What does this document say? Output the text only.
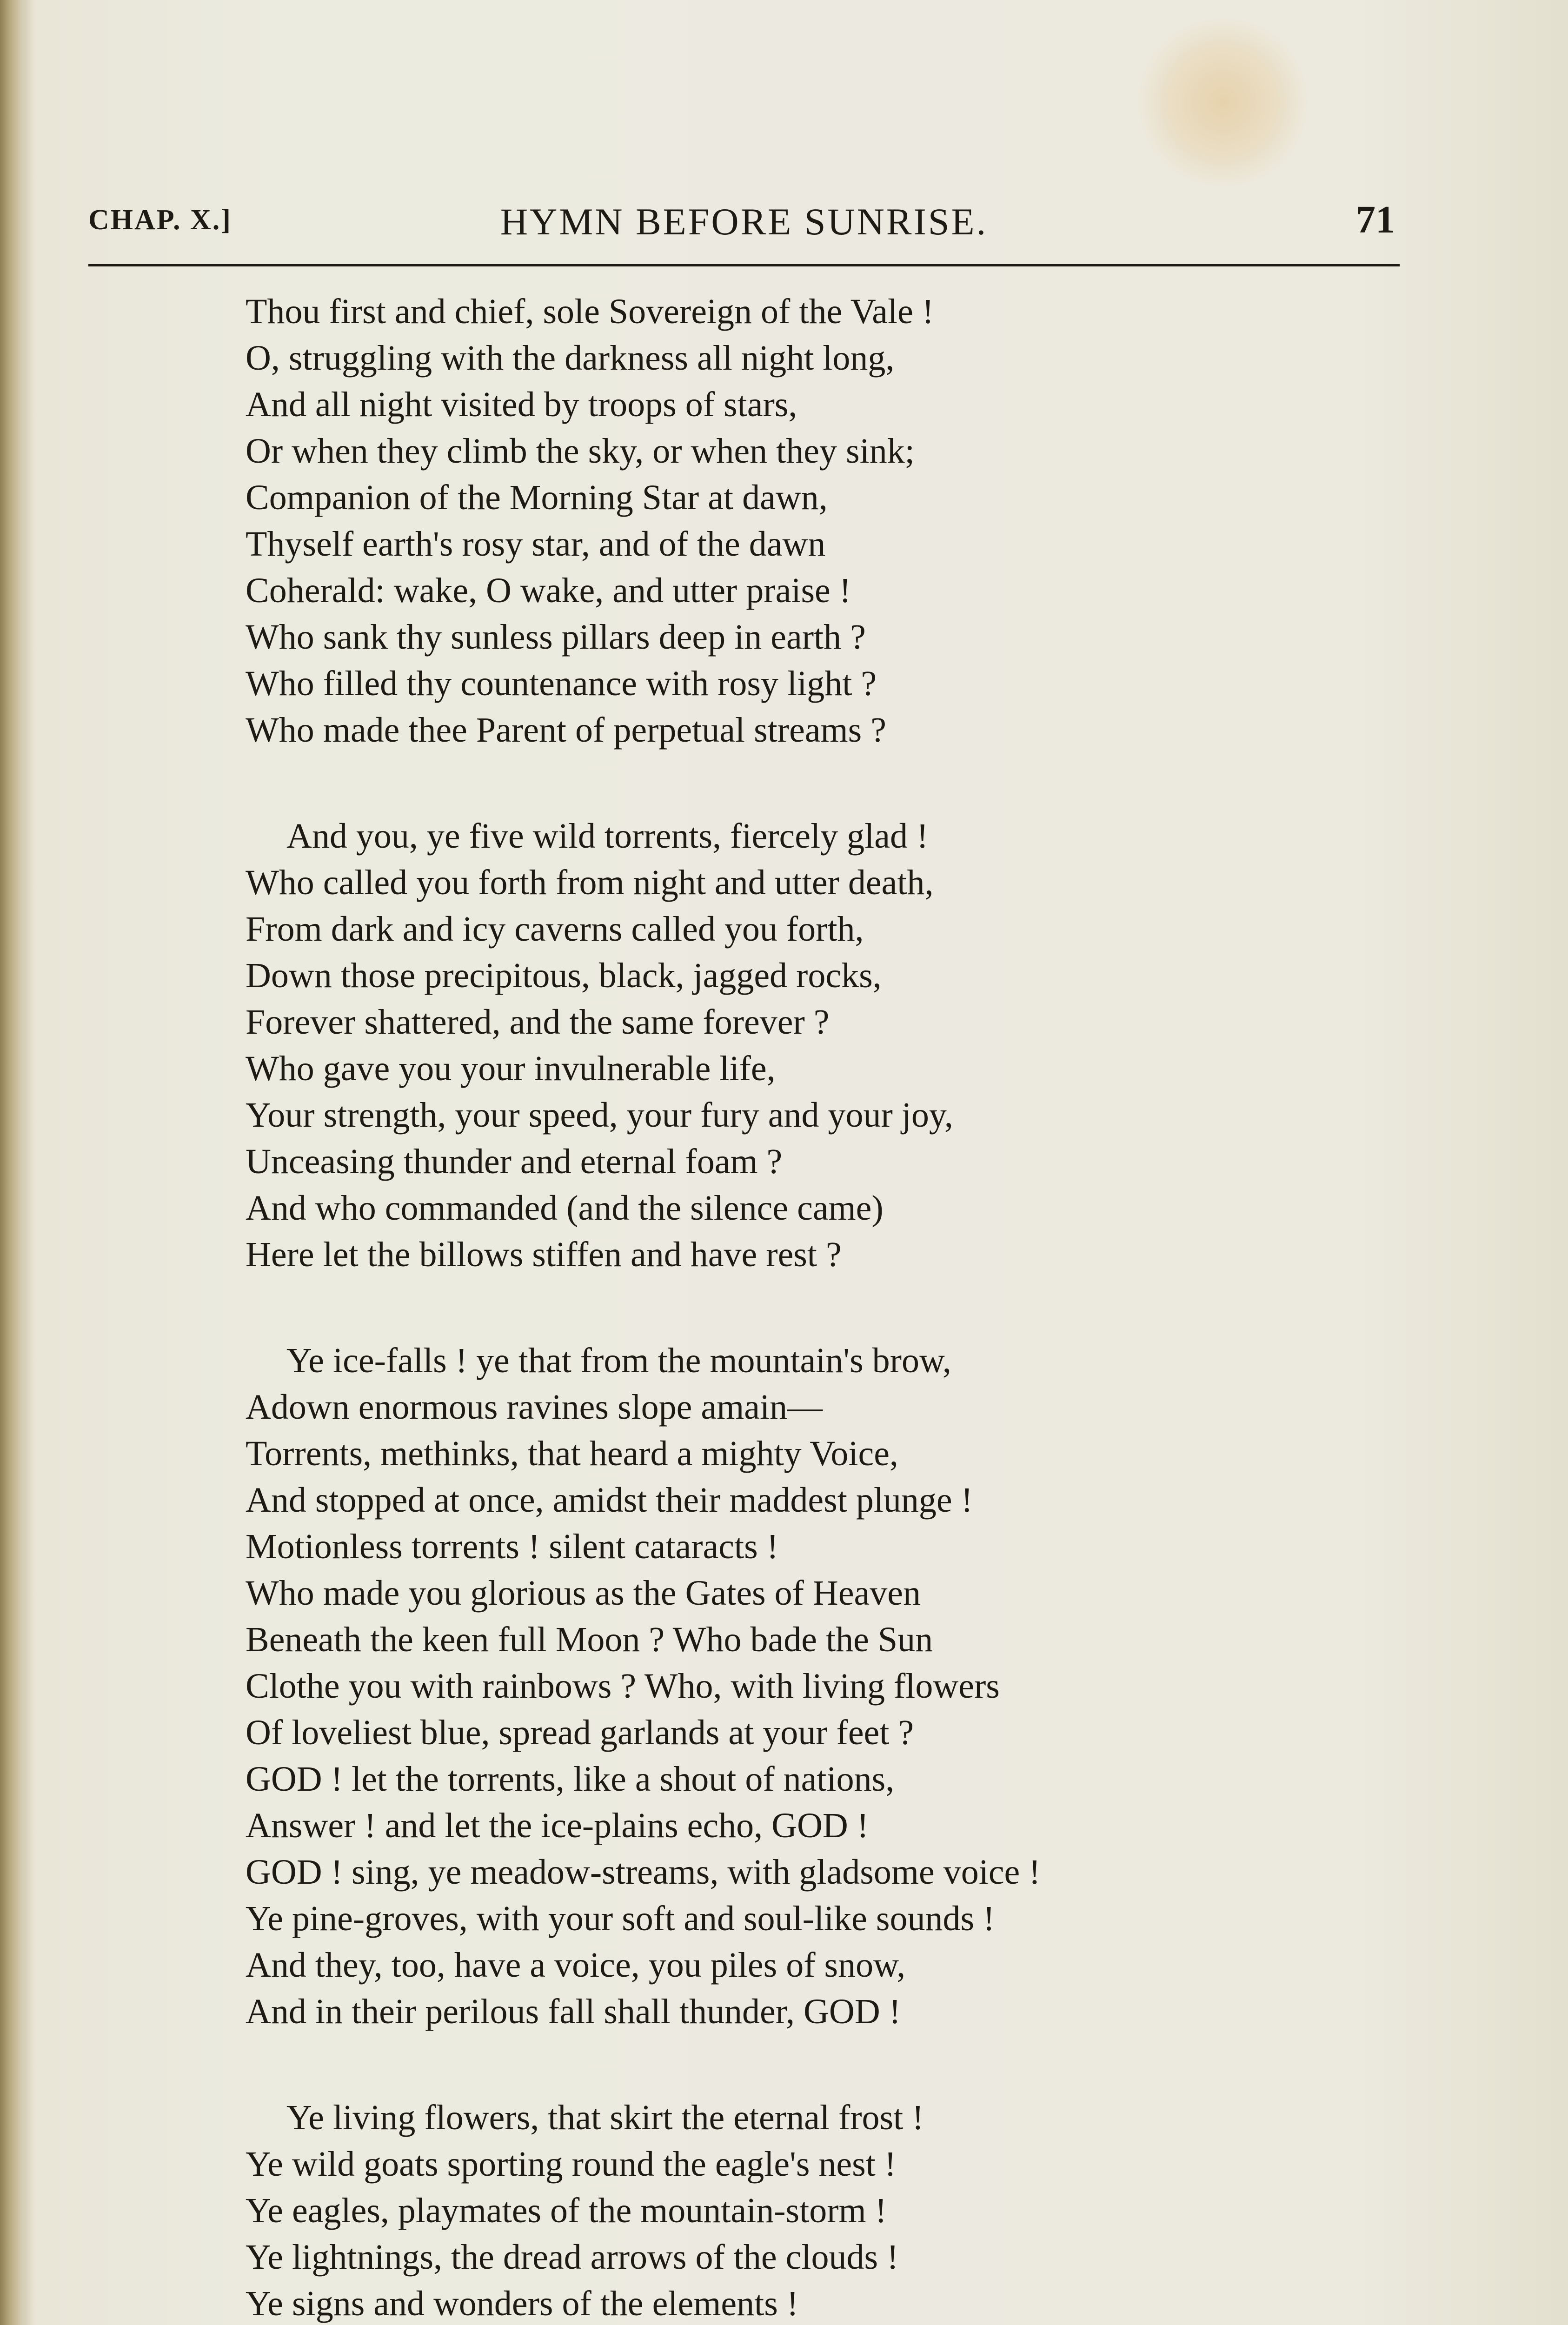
CHAP. X.]	HYMN BEFORE SUNRISE.	71
Thou first and chief, sole Sovereign of the Vale !
O, struggling with the darkness all night long,
And all night visited by troops of stars,
Or when they climb the sky, or when they sink;
Companion of the Morning Star at dawn,
Thyself earth's rosy star, and of the dawn
Coherald: wake, O wake, and utter praise !
Who sank thy sunless pillars deep in earth ?
Who filled thy countenance with rosy light ?
Who made thee Parent of perpetual streams ?
And you, ye five wild torrents, fiercely glad !
Who called you forth from night and utter death,
From dark and icy caverns called you forth,
Down those precipitous, black, jagged rocks,
Forever shattered, and the same forever ?
Who gave you your invulnerable life,
Your strength, your speed, your fury and your joy,
Unceasing thunder and eternal foam ?
And who commanded (and the silence came)
Here let the billows stiffen and have rest ?
Ye ice-falls ! ye that from the mountain's brow,
Adown enormous ravines slope amain—
Torrents, methinks, that heard a mighty Voice,
And stopped at once, amidst their maddest plunge !
Motionless torrents ! silent cataracts !
Who made you glorious as the Gates of Heaven
Beneath the keen full Moon ? Who bade the Sun
Clothe you with rainbows ? Who, with living flowers
Of loveliest blue, spread garlands at your feet ?
GOD ! let the torrents, like a shout of nations,
Answer ! and let the ice-plains echo, GOD !
GOD ! sing, ye meadow-streams, with gladsome voice !
Ye pine-groves, with your soft and soul-like sounds !
And they, too, have a voice, you piles of snow,
And in their perilous fall shall thunder, GOD !
Ye living flowers, that skirt the eternal frost !
Ye wild goats sporting round the eagle's nest !
Ye eagles, playmates of the mountain-storm !
Ye lightnings, the dread arrows of the clouds !
Ye signs and wonders of the elements !
